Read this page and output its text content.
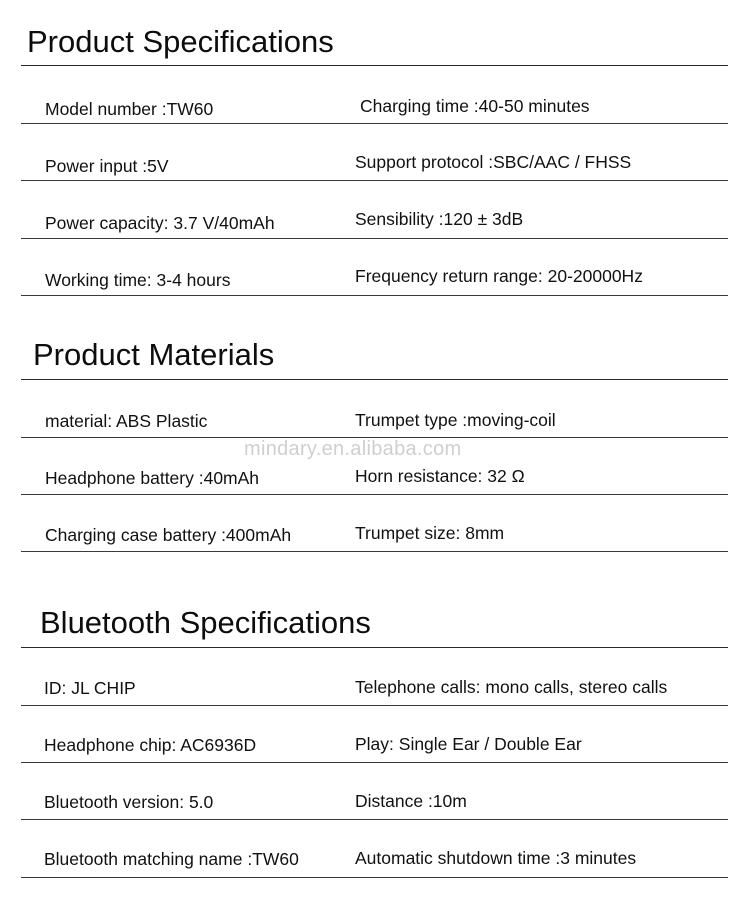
Product Specifications
Model number :TW60	Charging time :40-50 minutes
Power input :5V	Support protocol :SBC/AAC / FHSS
Power capacity: 3.7 V/40mAh	Sensibility :120 ± 3dB
Working time: 3-4 hours	Frequency return range: 20-20000Hz
Product Materials
material: ABS Plastic	Trumpet type :moving-coil
mindary.en.alibaba.com
Headphone battery :40mAh	Horn resistance: 32 Ω
Charging case battery :400mAh	Trumpet size: 8mm
Bluetooth Specifications
ID: JL CHIP	Telephone calls: mono calls, stereo calls
Headphone chip: AC6936D	Play: Single Ear / Double Ear
Bluetooth version: 5.0	Distance :10m
Bluetooth matching name :TW60	Automatic shutdown time :3 minutes
